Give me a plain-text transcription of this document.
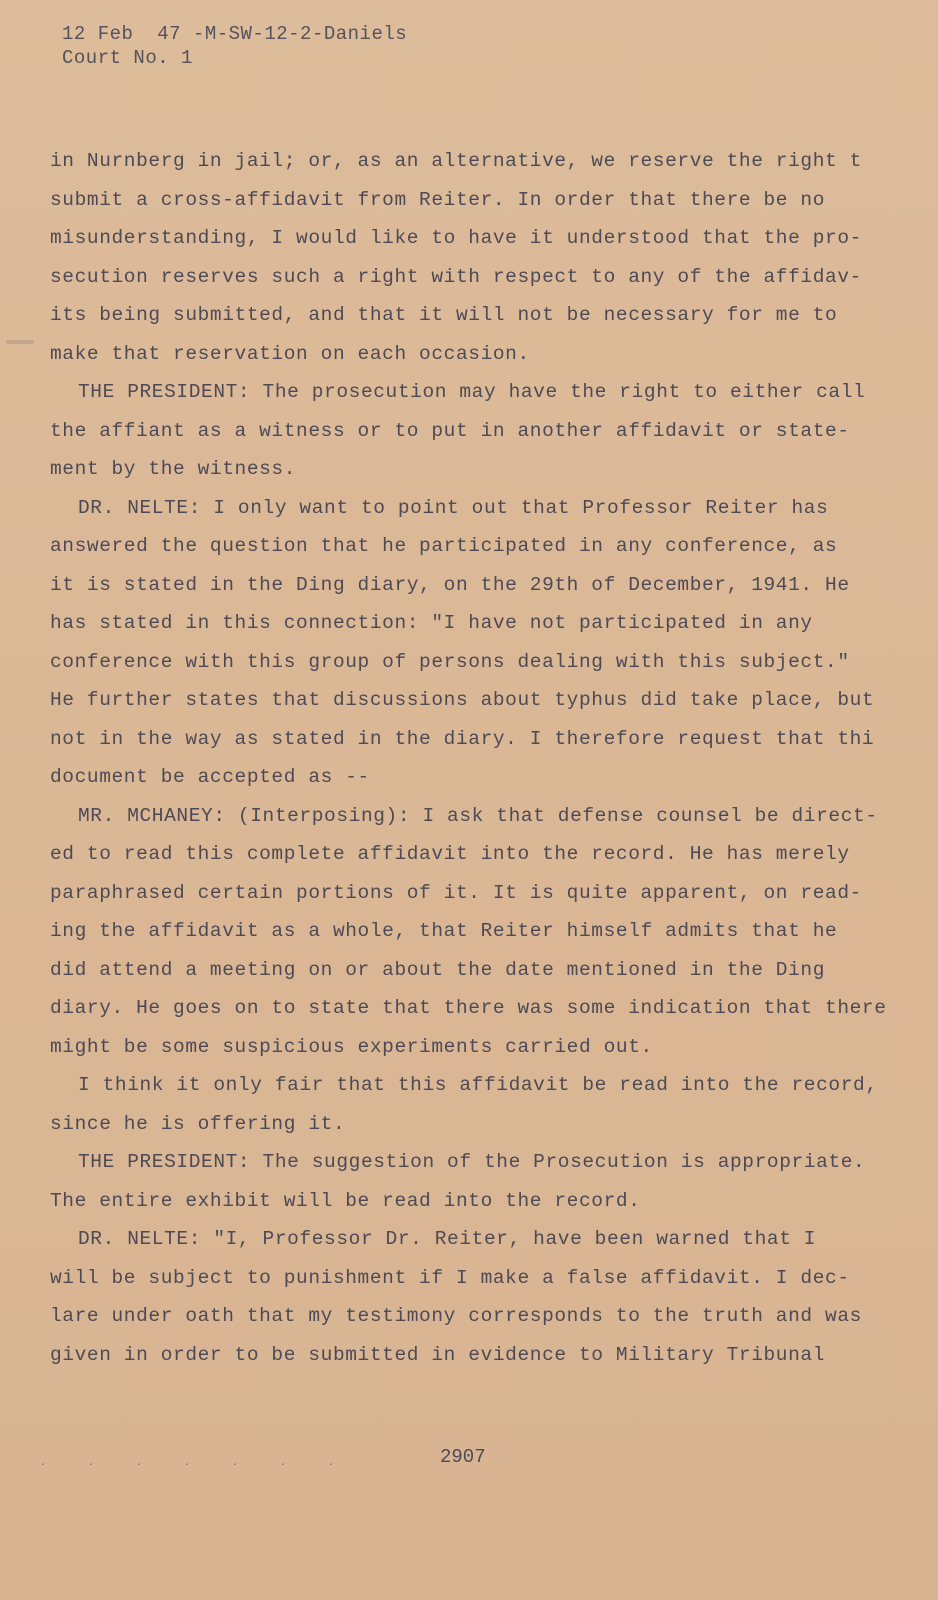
12 Feb  47 -M-SW-12-2-Daniels
Court No. 1
in Nurnberg in jail; or, as an alternative, we reserve the right t
submit a cross-affidavit from Reiter. In order that there be no
misunderstanding, I would like to have it understood that the pro-
secution reserves such a right with respect to any of the affidav-
its being submitted, and that it will not be necessary for me to
make that reservation on each occasion.
THE PRESIDENT: The prosecution may have the right to either call
the affiant as a witness or to put in another affidavit or state-
ment by the witness.
DR. NELTE: I only want to point out that Professor Reiter has
answered the question that he participated in any conference, as
it is stated in the Ding diary, on the 29th of December, 1941. He
has stated in this connection: "I have not participated in any
conference with this group of persons dealing with this subject."
He further states that discussions about typhus did take place, but
not in the way as stated in the diary. I therefore request that thi
document be accepted as --
MR. MCHANEY: (Interposing): I ask that defense counsel be direct-
ed to read this complete affidavit into the record. He has merely
paraphrased certain portions of it. It is quite apparent, on read-
ing the affidavit as a whole, that Reiter himself admits that he
did attend a meeting on or about the date mentioned in the Ding
diary. He goes on to state that there was some indication that there
might be some suspicious experiments carried out.
I think it only fair that this affidavit be read into the record,
since he is offering it.
THE PRESIDENT: The suggestion of the Prosecution is appropriate.
The entire exhibit will be read into the record.
DR. NELTE: "I, Professor Dr. Reiter, have been warned that I
will be subject to punishment if I make a false affidavit. I dec-
lare under oath that my testimony corresponds to the truth and was
given in order to be submitted in evidence to Military Tribunal
. . . . . . .	2907
